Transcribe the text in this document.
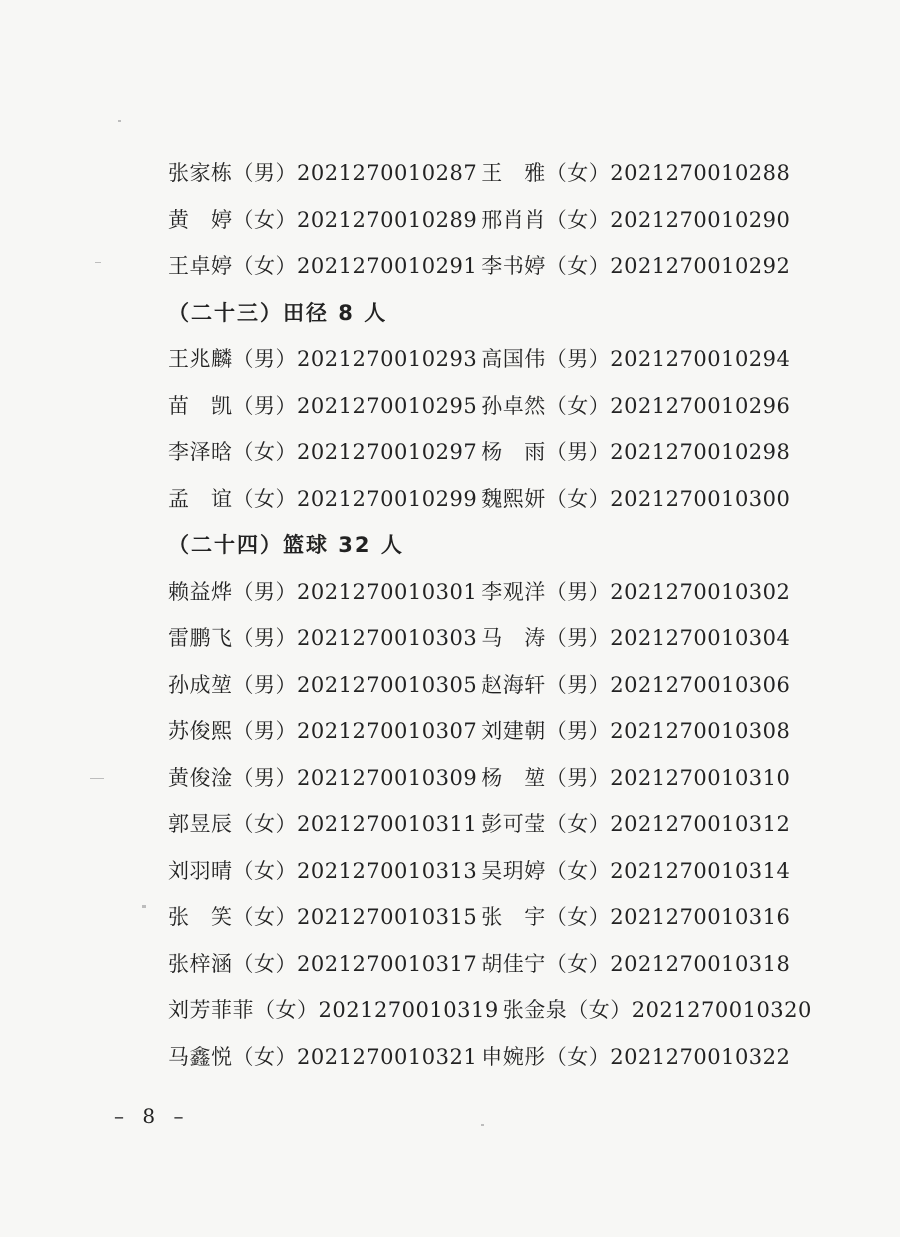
张家栋（男）2021270010287 王　雅（女）2021270010288
黄　婷（女）2021270010289 邢肖肖（女）2021270010290
王卓婷（女）2021270010291 李书婷（女）2021270010292
（二十三）田径 8 人
王兆麟（男）2021270010293 高国伟（男）2021270010294
苗　凯（男）2021270010295 孙卓然（女）2021270010296
李泽晗（女）2021270010297 杨　雨（男）2021270010298
孟　谊（女）2021270010299 魏熙妍（女）2021270010300
（二十四）篮球 32 人
赖益烨（男）2021270010301 李观洋（男）2021270010302
雷鹏飞（男）2021270010303 马　涛（男）2021270010304
孙成堃（男）2021270010305 赵海轩（男）2021270010306
苏俊熙（男）2021270010307 刘建朝（男）2021270010308
黄俊淦（男）2021270010309 杨　堃（男）2021270010310
郭昱辰（女）2021270010311 彭可莹（女）2021270010312
刘羽晴（女）2021270010313 吴玥婷（女）2021270010314
张　笑（女）2021270010315 张　宇（女）2021270010316
张梓涵（女）2021270010317 胡佳宁（女）2021270010318
刘芳菲菲（女）2021270010319 张金泉（女）2021270010320
马鑫悦（女）2021270010321 申婉彤（女）2021270010322
– 8 –
